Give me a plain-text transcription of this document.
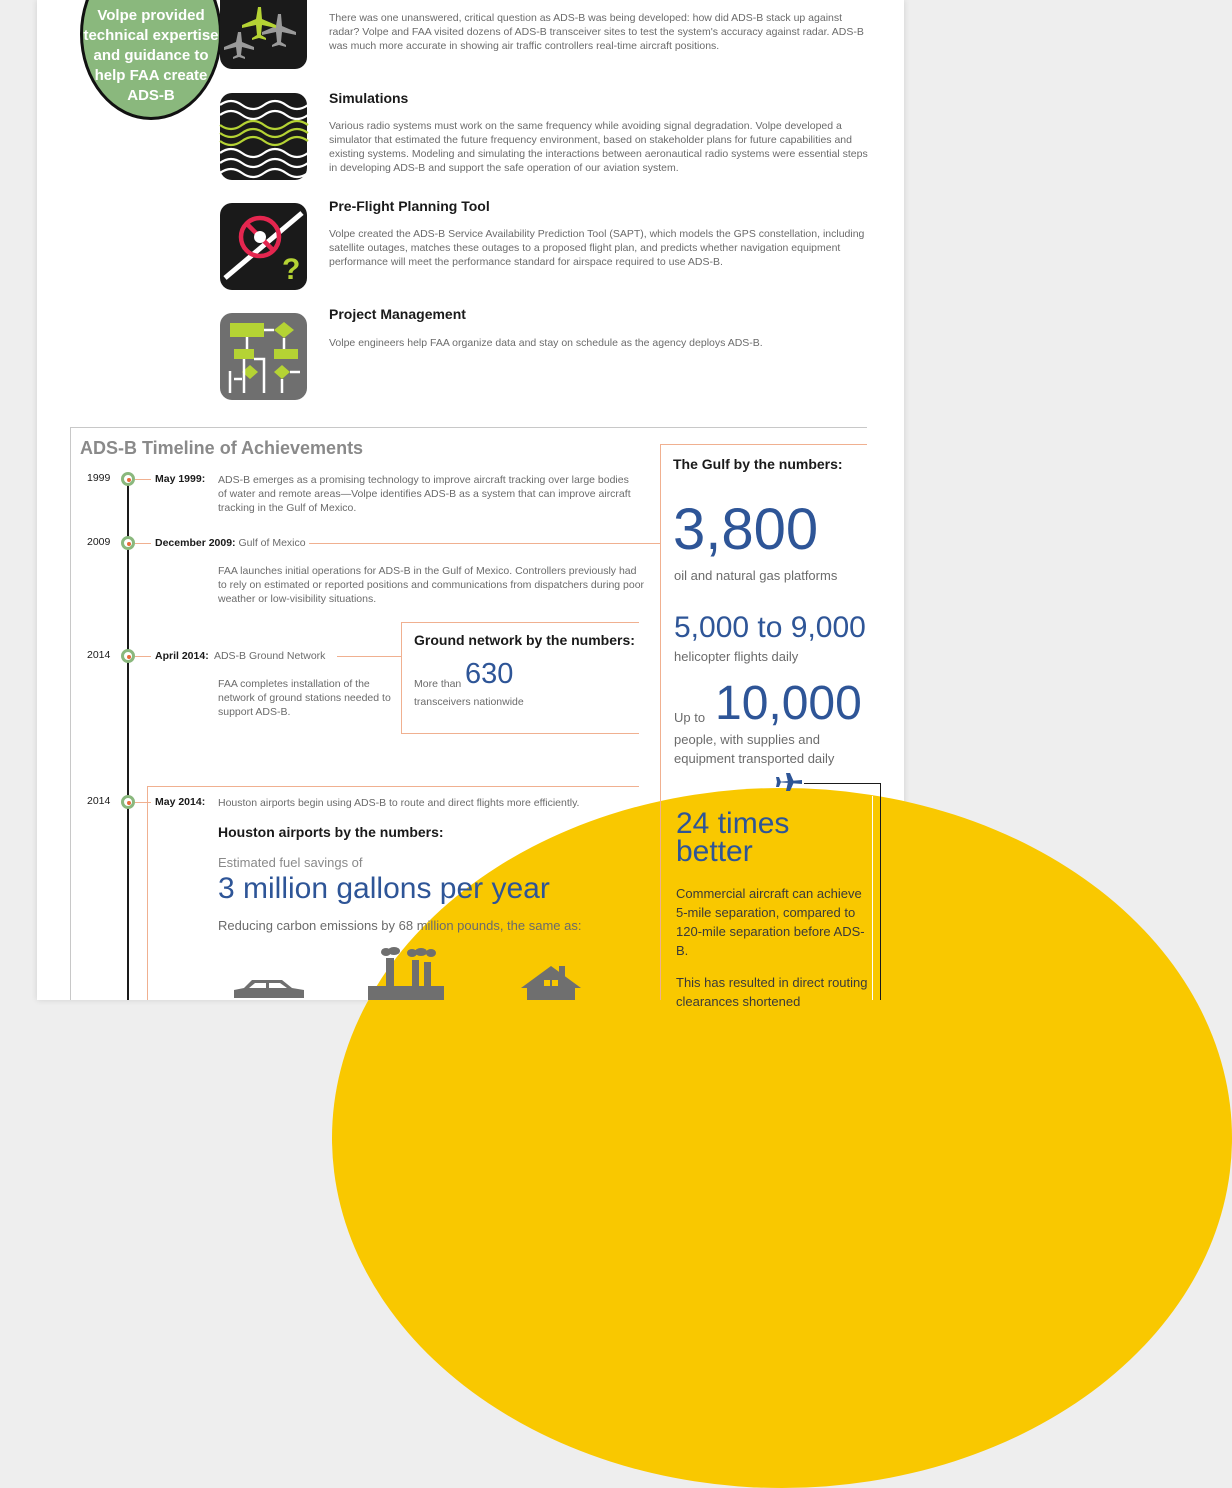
Volpe provided technical expertise and guidance to help FAA create ADS-B
There was one unanswered, critical question as ADS-B was being developed: how did ADS-B stack up against radar? Volpe and FAA visited dozens of ADS-B transceiver sites to test the system's accuracy against radar. ADS-B was much more accurate in showing air traffic controllers real-time aircraft positions.
Simulations
Various radio systems must work on the same frequency while avoiding signal degradation. Volpe developed a simulator that estimated the future frequency environment, based on stakeholder plans for future capabilities and existing systems. Modeling and simulating the interactions between aeronautical radio systems were essential steps in developing ADS-B and support the safe operation of our aviation system.
?
Pre-Flight Planning Tool
Volpe created the ADS-B Service Availability Prediction Tool (SAPT), which models the GPS constellation, including satellite outages, matches these outages to a proposed flight plan, and predicts whether navigation equipment performance will meet the performance standard for airspace required to use ADS-B.
Project Management
Volpe engineers help FAA organize data and stay on schedule as the agency deploys ADS-B.
ADS-B Timeline of Achievements
1999	May 1999: ADS-B emerges as a promising technology to improve aircraft tracking over large bodies of water and remote areas—Volpe identifies ADS-B as a system that can improve aircraft tracking in the Gulf of Mexico.
2009	December 2009: Gulf of Mexico
FAA launches initial operations for ADS-B in the Gulf of Mexico. Controllers previously had to rely on estimated or reported positions and communications from dispatchers during poor weather or low-visibility situations.
2014	April 2014: ADS-B Ground Network
FAA completes installation of the network of ground stations needed to support ADS-B.
Ground network by the numbers:
More than 630
transceivers nationwide
2014	May 2014: Houston airports begin using ADS-B to route and direct flights more efficiently.
Houston airports by the numbers:
Estimated fuel savings of
3 million gallons per year
Reducing carbon emissions by 68 million pounds, the same as:
The Gulf by the numbers:
3,800
oil and natural gas platforms
5,000 to 9,000
helicopter flights daily
Up to 10,000
people, with supplies and equipment transported daily
24 times
better
Commercial aircraft can achieve 5-mile separation, compared to 120-mile separation before ADS-B.
This has resulted in direct routing clearances shortened
